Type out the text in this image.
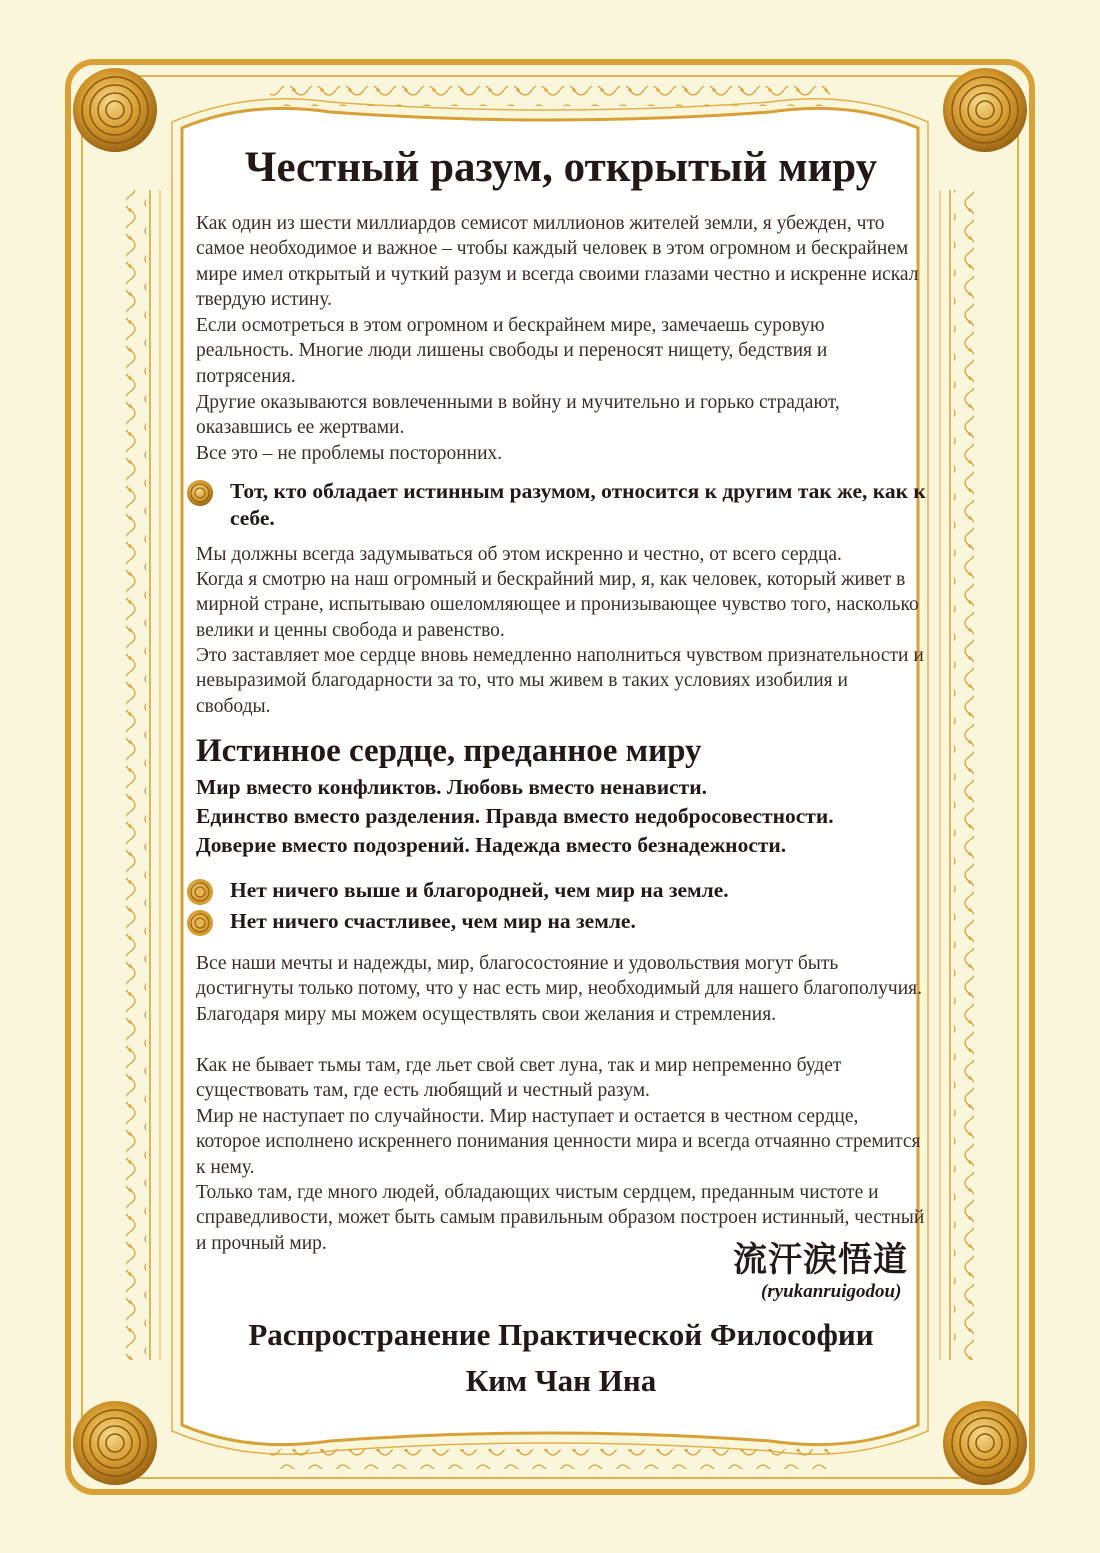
Честный разум, открытый миру

Как один из шести миллиардов семисот миллионов жителей земли, я убежден, что самое необходимое и важное – чтобы каждый человек в этом огромном и бескрайнем мире имел открытый и чуткий разум и всегда своими глазами честно и искренне искал твердую истину.

Если осмотреться в этом огромном и бескрайнем мире, замечаешь суровую реальность. Многие люди лишены свободы и переносят нищету, бедствия и потрясения.

Другие оказываются вовлеченными в войну и мучительно и горько страдают, оказавшись ее жертвами.

Все это – не проблемы посторонних.

Тот, кто обладает истинным разумом, относится к другим так же, как к себе.

Мы должны всегда задумываться об этом искренно и честно, от всего сердца.

Когда я смотрю на наш огромный и бескрайний мир, я, как человек, который живет в мирной стране, испытываю ошеломляющее и пронизывающее чувство того, насколько велики и ценны свобода и равенство.

Это заставляет мое сердце вновь немедленно наполниться чувством признательности и невыразимой благодарности за то, что мы живем в таких условиях изобилия и свободы.

Истинное сердце, преданное миру
Мир вместо конфликтов. Любовь вместо ненависти.
Единство вместо разделения. Правда вместо недобросовестности.
Доверие вместо подозрений. Надежда вместо безнадежности.
Нет ничего выше и благородней, чем мир на земле.
Нет ничего счастливее, чем мир на земле.

Все наши мечты и надежды, мир, благосостояние и удовольствия могут быть достигнуты только потому, что у нас есть мир, необходимый для нашего благополучия. Благодаря миру мы можем осуществлять свои желания и стремления.

Как не бывает тьмы там, где льет свой свет луна, так и мир непременно будет существовать там, где есть любящий и честный разум.

Мир не наступает по случайности. Мир наступает и остается в честном сердце, которое исполнено искреннего понимания ценности мира и всегда отчаянно стремится к нему.

Только там, где много людей, обладающих чистым сердцем, преданным чистоте и справедливости, может быть самым правильным образом построен истинный, честный и прочный мир.	流汗涙悟道

(ryukanruigodou)

Распространение Практической Философии

Ким Чан Ина
